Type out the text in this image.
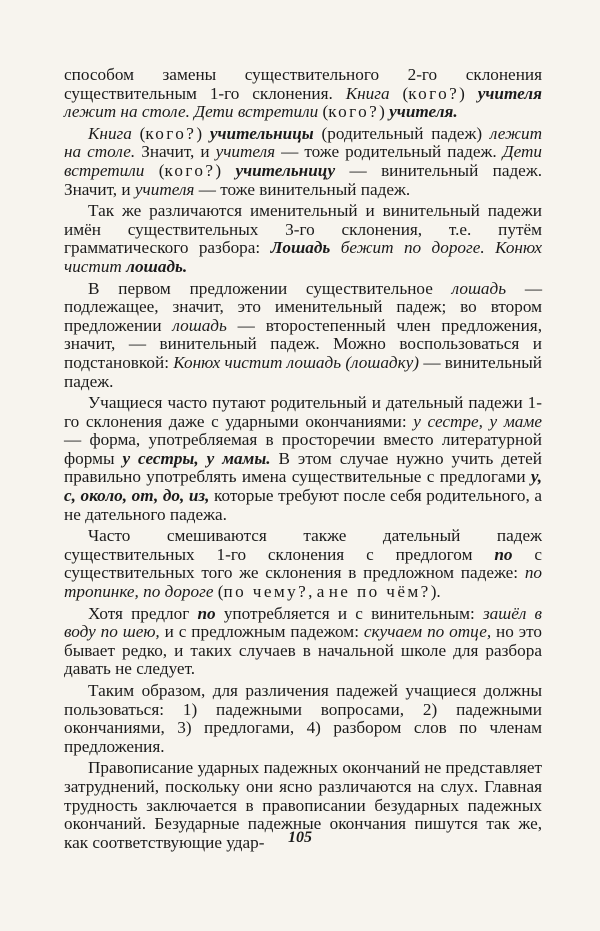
способом замены существительного 2-го склонения существительным 1-го склонения. Книга (кого?) учителя лежит на столе. Дети встретили (кого?) учителя.

Книга (кого?) учительницы (родительный падеж) лежит на столе. Значит, и учителя — тоже родительный падеж. Дети встретили (кого?) учительницу — винительный падеж. Значит, и учителя — тоже винительный падеж.

Так же различаются именительный и винительный падежи имён существительных 3-го склонения, т.е. путём грамматического разбора: Лошадь бежит по дороге. Конюх чистит лошадь.

В первом предложении существительное лошадь — подлежащее, значит, это именительный падеж; во втором предложении лошадь — второстепенный член предложения, значит, — винительный падеж. Можно воспользоваться и подстановкой: Конюх чистит лошадь (лошадку) — винительный падеж.

Учащиеся часто путают родительный и дательный падежи 1-го склонения даже с ударными окончаниями: у сестре, у маме — форма, употребляемая в просторечии вместо литературной формы у сестры, у мамы. В этом случае нужно учить детей правильно употреблять имена существительные с предлогами у, с, около, от, до, из, которые требуют после себя родительного, а не дательного падежа.

Часто смешиваются также дательный падеж существительных 1-го склонения с предлогом по с существительных того же склонения в предложном падеже: по тропинке, по дороге (по чему?, а не по чём?).

Хотя предлог по употребляется и с винительным: зашёл в воду по шею, и с предложным падежом: скучаем по отце, но это бывает редко, и таких случаев в начальной школе для разбора давать не следует.

Таким образом, для различения падежей учащиеся должны пользоваться: 1) падежными вопросами, 2) падежными окончаниями, 3) предлогами, 4) разбором слов по членам предложения.

Правописание ударных падежных окончаний не представляет затруднений, поскольку они ясно различаются на слух. Главная трудность заключается в правописании безударных падежных окончаний. Безударные падежные окончания пишутся так же, как соответствующие удар-	105
